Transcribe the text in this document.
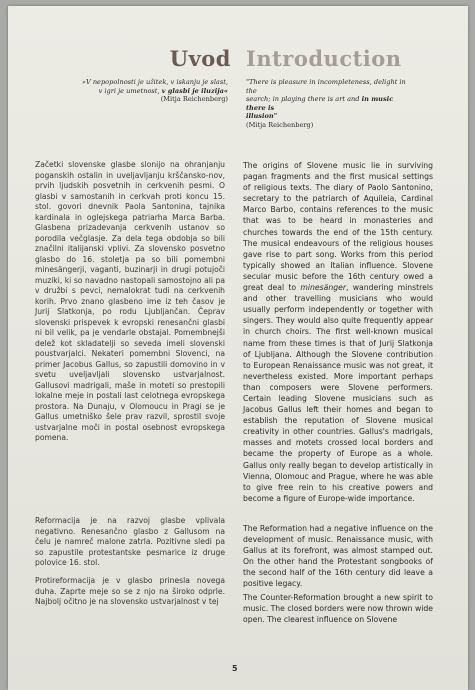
Uvod Introduction
»V nepopolnosti je užitek, v iskanju je slast,
v igri je umetnost, v glasbi je iluzija«
(Mitja Reichenberg)
"There is pleasure in incompleteness, delight in the
search; in playing there is art and in music there is
illusion"
(Mitja Reichenberg)

Začetki slovenske glasbe slonijo na ohranjanju poganskih ostalin in uveljavljanju krščansko-nov, prvih ljudskih posvetnih in cerkvenih pesmi. O glasbi v samostanih in cerkvah proti koncu 15. stol. govori dnevnik Paola Santonina, tajnika kardinala in oglejskega patriarha Marca Barba. Glasbena prizadevanja cerkvenih ustanov so porodila večglasje. Za dela tega obdobja so bili značilni italijanski vplivi. Za slovensko posvetno glasbo do 16. stoletja pa so bili pomembni minesängerji, vaganti, buzinarji in drugi potujoči muziki, ki so navadno nastopali samostojno ali pa v družbi s pevci, nemalokrat tudi na cerkvenih korih. Prvo znano glasbeno ime iz teh časov je Jurij Slatkonja, po rodu Ljubljančan. Čeprav slovenski prispevek k evropski renesančni glasbi ni bil velik, pa je vendarle obstajal. Pomembnejši delež kot skladatelji so seveda imeli slovenski poustvarjalci. Nekateri pomembni Slovenci, na primer Jacobus Gallus, so zapustili domovino in v svetu uveljavljali slovensko ustvarjalnost. Gallusovi madrigali, maše in moteti so prestopili lokalne meje in postali last celotnega evropskega prostora. Na Dunaju, v Olomoucu in Pragi se je Gallus umetniško šele prav razvil, sprostil svoje ustvarjalne moči in postal osebnost evropskega pomena.

Reformacija je na razvoj glasbe vplivala negativno. Renesančno glasbo z Gallusom na čelu je namreč malone zatrla. Pozitivne sledi pa so zapustile protestantske pesmarice iz druge polovice 16. stol.

Protireformacija je v glasbo prinesla novega duha. Zaprte meje so se z njo na široko odprle. Najbolj očitno je na slovensko ustvarjalnost v tej

The origins of Slovene music lie in surviving pagan fragments and the first musical settings of religious texts. The diary of Paolo Santonino, secretary to the patriarch of Aquileia, Cardinal Marco Barbo, contains references to the music that was to be heard in monasteries and churches towards the end of the 15th century. The musical endeavours of the religious houses gave rise to part song. Works from this period typically showed an Italian influence. Slovene secular music before the 16th century owed a great deal to minesänger, wandering minstrels and other travelling musicians who would usually perform independently or together with singers. They would also quite frequently appear in church choirs. The first well-known musical name from these times is that of Jurij Slatkonja of Ljubljana. Although the Slovene contribution to European Renaissance music was not great, it nevertheless existed. More important perhaps than composers were Slovene performers. Certain leading Slovene musicians such as Jacobus Gallus left their homes and began to establish the reputation of Slovene musical creativity in other countries. Gallus's madrigals, masses and motets crossed local borders and became the property of Europe as a whole. Gallus only really began to develop artistically in Vienna, Olomouc and Prague, where he was able to give free rein to his creative powers and become a figure of Europe-wide importance.

The Reformation had a negative influence on the development of music. Renaissance music, with Gallus at its forefront, was almost stamped out. On the other hand the Protestant songbooks of the second half of the 16th century did leave a positive legacy.

The Counter-Reformation brought a new spirit to music. The closed borders were now thrown wide open. The clearest influence on Slovene

5
